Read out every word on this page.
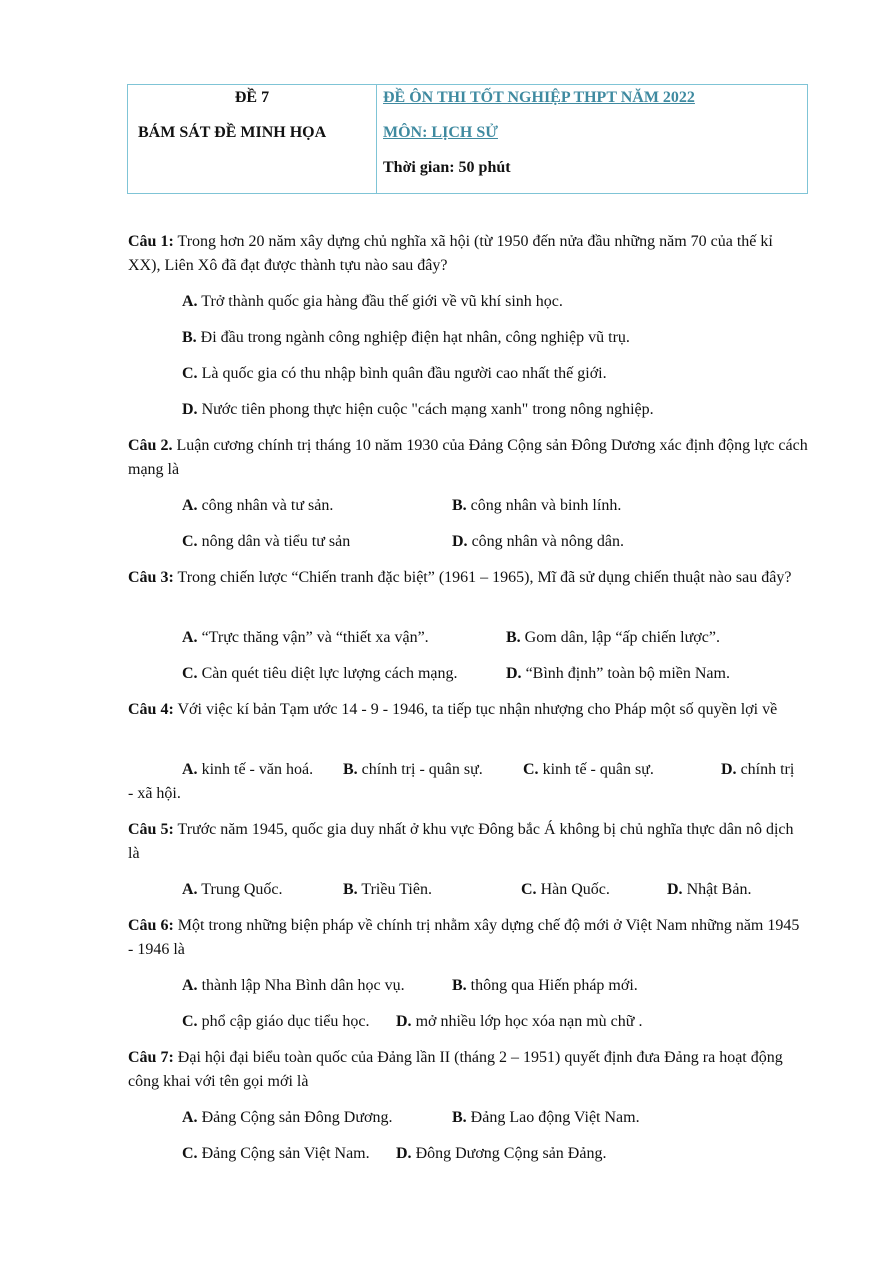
ĐỀ 7
BÁM SÁT ĐỀ MINH HỌA
ĐỀ ÔN THI TỐT NGHIỆP THPT NĂM 2022
MÔN: LỊCH SỬ
Thời gian: 50 phút
Câu 1: Trong hơn 20 năm xây dựng chủ nghĩa xã hội (từ 1950 đến nửa đầu những năm 70 của thế kỉ XX), Liên Xô đã đạt được thành tựu nào sau đây?
A. Trở thành quốc gia hàng đầu thế giới về vũ khí sinh học.
B. Đi đầu trong ngành công nghiệp điện hạt nhân, công nghiệp vũ trụ.
C. Là quốc gia có thu nhập bình quân đầu người cao nhất thế giới.
D. Nước tiên phong thực hiện cuộc "cách mạng xanh" trong nông nghiệp.
Câu 2. Luận cương chính trị tháng 10 năm 1930 của Đảng Cộng sản Đông Dương xác định động lực cách mạng là
A. công nhân và tư sản.	B. công nhân và binh lính.
C. nông dân và tiểu tư sản	D. công nhân và nông dân.
Câu 3: Trong chiến lược “Chiến tranh đặc biệt” (1961 – 1965), Mĩ đã sử dụng chiến thuật nào sau đây?
A. “Trực thăng vận” và “thiết xa vận”.	B. Gom dân, lập “ấp chiến lược”.
C. Càn quét tiêu diệt lực lượng cách mạng.	D. “Bình định” toàn bộ miền Nam.
Câu 4: Với việc kí bản Tạm ước 14 - 9 - 1946, ta tiếp tục nhận nhượng cho Pháp một số quyền lợi về
A. kinh tế - văn hoá. B. chính trị - quân sự.	C. kinh tế - quân sự.	D. chính trị
- xã hội.
Câu 5: Trước năm 1945, quốc gia duy nhất ở khu vực Đông bắc Á không bị chủ nghĩa thực dân nô dịch là
A. Trung Quốc.	B. Triều Tiên.	C. Hàn Quốc.	D. Nhật Bản.
Câu 6: Một trong những biện pháp về chính trị nhằm xây dựng chế độ mới ở Việt Nam những năm 1945 - 1946 là
A. thành lập Nha Bình dân học vụ.	B. thông qua Hiến pháp mới.
C. phổ cập giáo dục tiểu học. D. mở nhiều lớp học xóa nạn mù chữ .
Câu 7: Đại hội đại biểu toàn quốc của Đảng lần II (tháng 2 – 1951) quyết định đưa Đảng ra hoạt động công khai với tên gọi mới là
A. Đảng Cộng sản Đông Dương.	B. Đảng Lao động Việt Nam.
C. Đảng Cộng sản Việt Nam. D. Đông Dương Cộng sản Đảng.
